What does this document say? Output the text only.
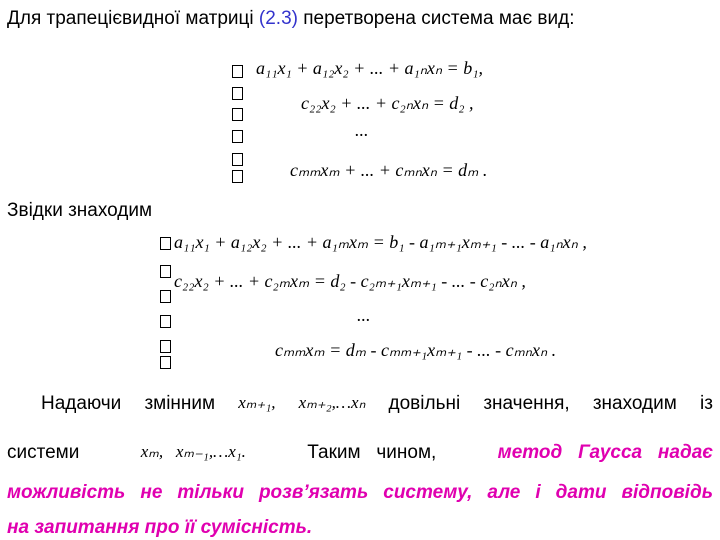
Для трапецієвидної матриці (2.3) перетворена система має вид:
a₁₁x₁ + a₁₂x₂ + ... + a₁ₙxₙ = b₁,
c₂₂x₂ + ... + c₂ₙxₙ = d₂ ,
...
cₘₘxₘ + ... + cₘₙxₙ = dₘ .
Звідки знаходим
a₁₁x₁ + a₁₂x₂ + ... + a₁ₘxₘ = b₁ - a₁ₘ₊₁xₘ₊₁ - ... - a₁ₙxₙ ,
c₂₂x₂ + ... + c₂ₘxₘ = d₂ - c₂ₘ₊₁xₘ₊₁ - ... - c₂ₙxₙ ,
...
cₘₘxₘ = dₘ - cₘₘ₊₁xₘ₊₁ - ... - cₘₙxₙ .
Надаючи змінним xₘ₊₁, xₘ₊₂,…xₙ довільні значення, знаходим із
системи	xₘ,   xₘ₋₁,…x₁.	Таким   чином,	метод   Гаусса   надає
можливість не тільки розв’язать систему, але і дати відповідь
на запитання про її сумісність.
